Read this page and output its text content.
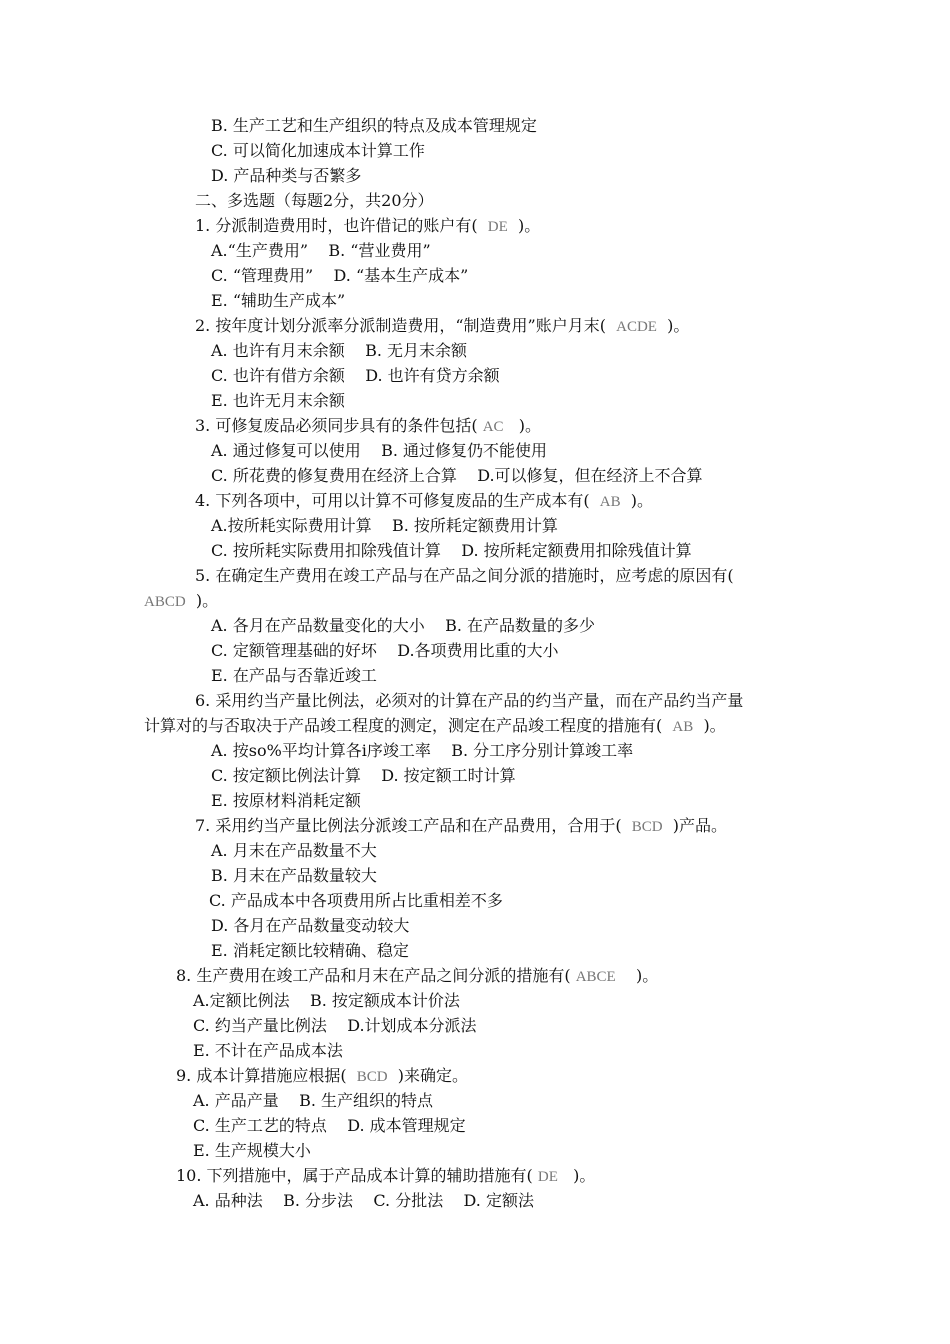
B. 生产工艺和生产组织的特点及成本管理规定
C. 可以简化加速成本计算工作
D. 产品种类与否繁多
二、多选题（每题2分，共20分）
1. 分派制造费用时，也许借记的账户有(  DE  )。
A.“生产费用”    B. “营业费用”
C. “管理费用”    D. “基本生产成本”
E. “辅助生产成本”
2. 按年度计划分派率分派制造费用，“制造费用”账户月末(  ACDE  )。
A. 也许有月末余额    B. 无月末余额
C. 也许有借方余额    D. 也许有贷方余额
E. 也许无月末余额
3. 可修复废品必须同步具有的条件包括( AC   )。
A. 通过修复可以使用    B. 通过修复仍不能使用
C. 所花费的修复费用在经济上合算    D.可以修复，但在经济上不合算
4. 下列各项中，可用以计算不可修复废品的生产成本有(  AB  )。
A.按所耗实际费用计算    B. 按所耗定额费用计算
C. 按所耗实际费用扣除残值计算    D. 按所耗定额费用扣除残值计算
5. 在确定生产费用在竣工产品与在产品之间分派的措施时，应考虑的原因有(
ABCD  )。
A. 各月在产品数量变化的大小    B. 在产品数量的多少
C. 定额管理基础的好坏    D.各项费用比重的大小
E. 在产品与否靠近竣工
6. 采用约当产量比例法，必须对的计算在产品的约当产量，而在产品约当产量
计算对的与否取决于产品竣工程度的测定，测定在产品竣工程度的措施有(  AB  )。
A. 按so%平均计算各i序竣工率    B. 分工序分别计算竣工率
C. 按定额比例法计算    D. 按定额工时计算
E. 按原材料消耗定额
7. 采用约当产量比例法分派竣工产品和在产品费用，合用于(  BCD  )产品。
A. 月末在产品数量不大
B. 月末在产品数量较大
C. 产品成本中各项费用所占比重相差不多
D. 各月在产品数量变动较大
E. 消耗定额比较精确、稳定
8. 生产费用在竣工产品和月末在产品之间分派的措施有( ABCE    )。
A.定额比例法    B. 按定额成本计价法
C. 约当产量比例法    D.计划成本分派法
E. 不计在产品成本法
9. 成本计算措施应根据(  BCD  )来确定。
A. 产品产量    B. 生产组织的特点
C. 生产工艺的特点    D. 成本管理规定
E. 生产规模大小
10. 下列措施中，属于产品成本计算的辅助措施有( DE   )。
A. 品种法    B. 分步法    C. 分批法    D. 定额法
